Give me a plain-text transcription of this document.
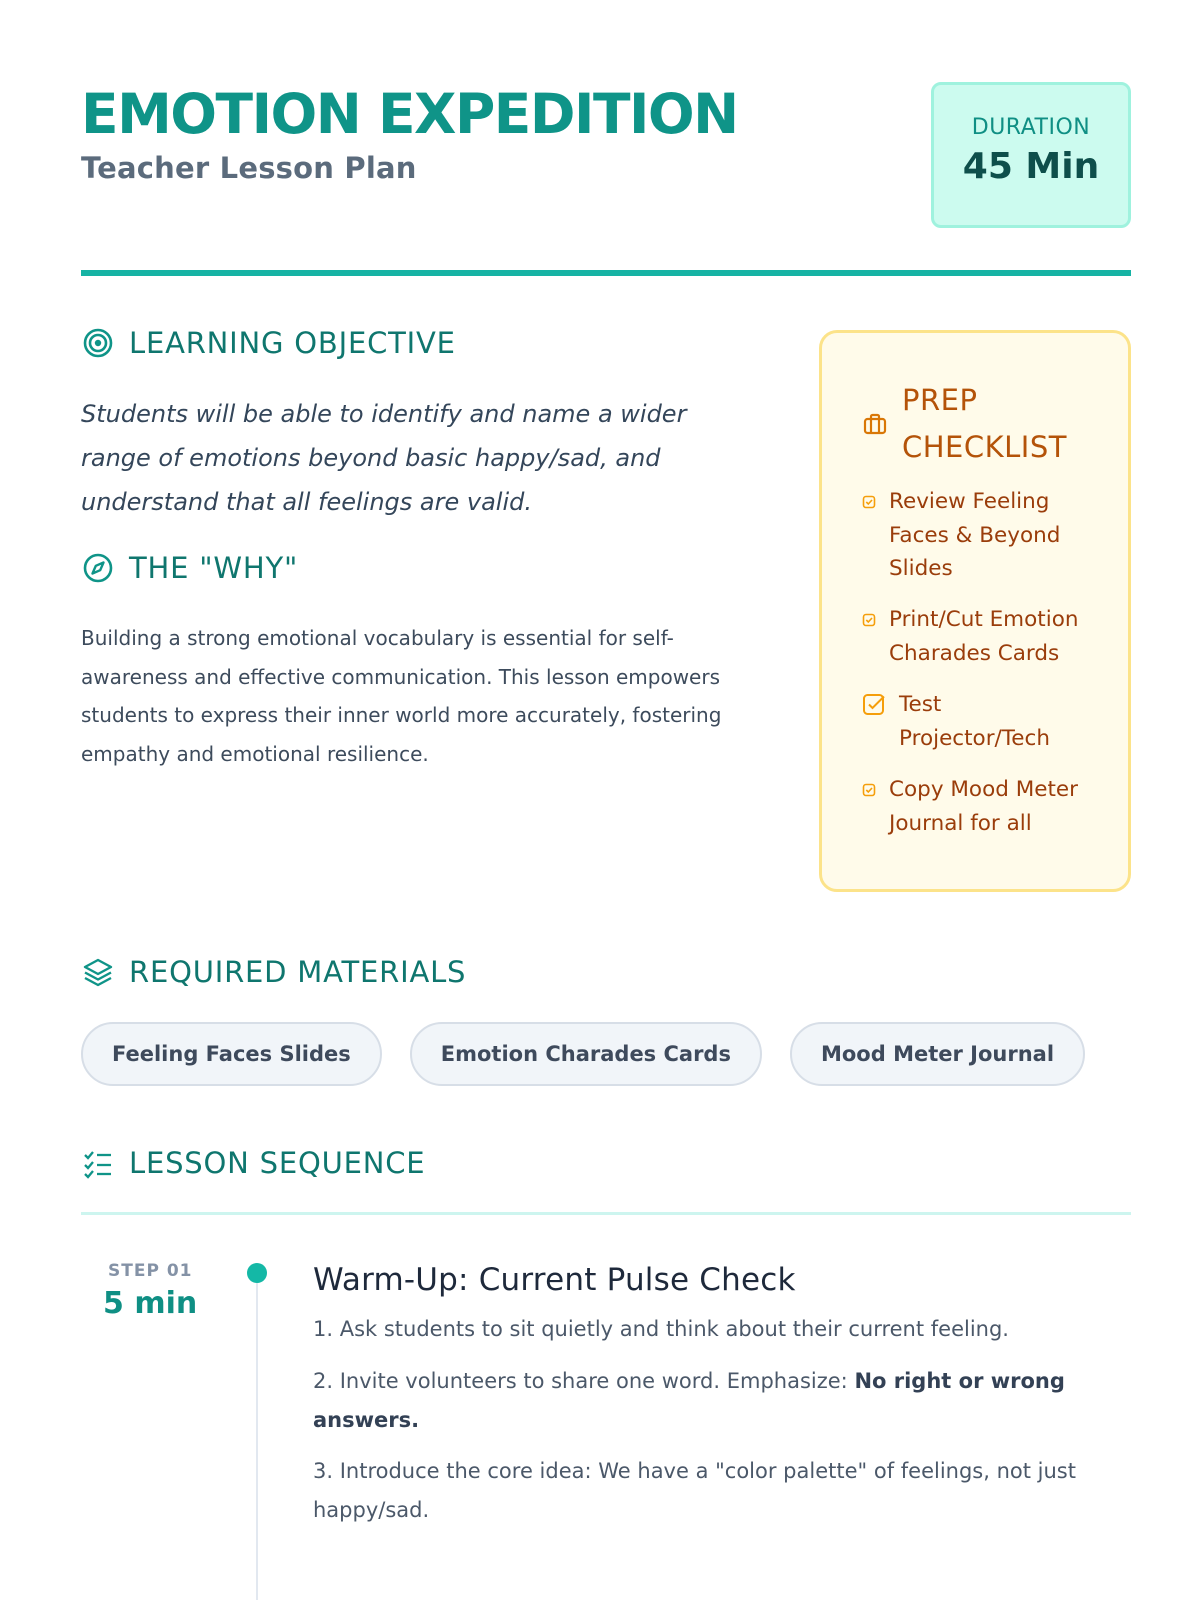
EMOTION EXPEDITION
Teacher Lesson Plan
DURATION
45 Min
LEARNING OBJECTIVE
Students will be able to identify and name a wider range of emotions beyond basic happy/sad, and understand that all feelings are valid.
THE "WHY"
Building a strong emotional vocabulary is essential for self-awareness and effective communication. This lesson empowers students to express their inner world more accurately, fostering empathy and emotional resilience.
PREP
CHECKLIST
Review Feeling Faces & Beyond Slides
Print/Cut Emotion Charades Cards
Test Projector/Tech
Copy Mood Meter Journal for all
REQUIRED MATERIALS
Feeling Faces Slides	Emotion Charades Cards	Mood Meter Journal
LESSON SEQUENCE
STEP 01
5 min
Warm-Up: Current Pulse Check
1. Ask students to sit quietly and think about their current feeling.
2. Invite volunteers to share one word. Emphasize: No right or wrong answers.
3. Introduce the core idea: We have a "color palette" of feelings, not just happy/sad.
